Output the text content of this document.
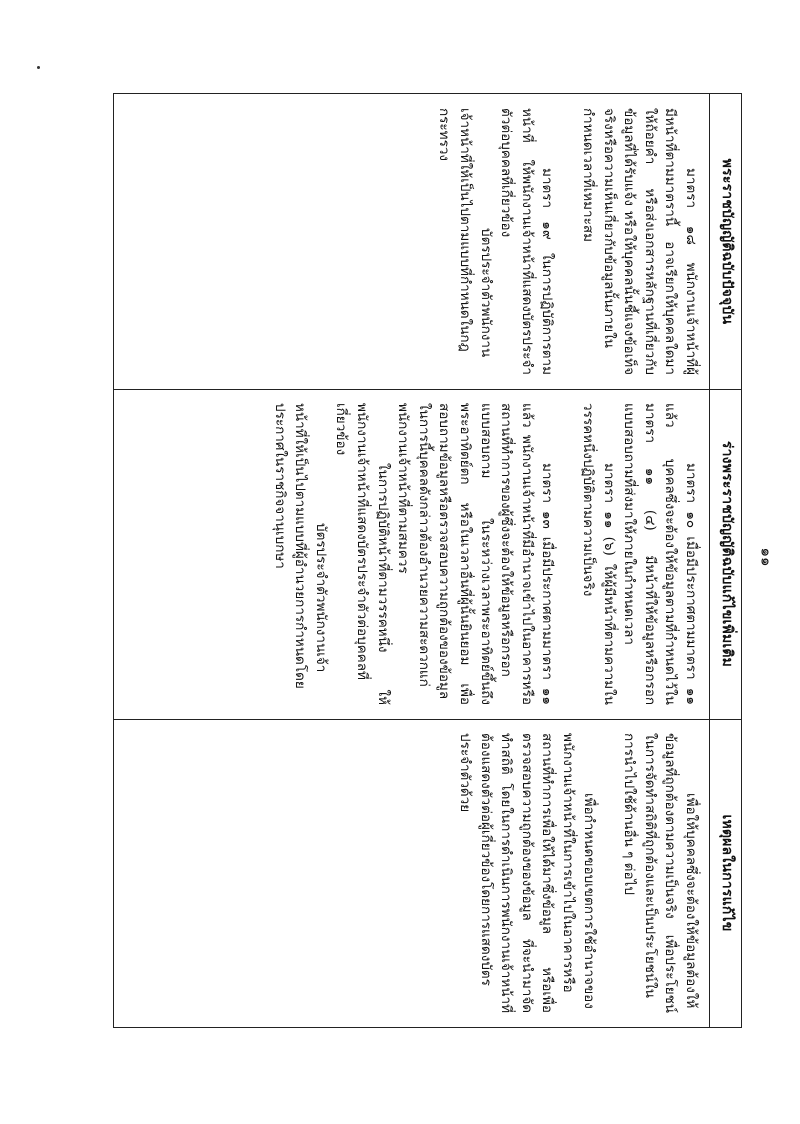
๑๑
พระราชบัญญัติฉบับปัจจุบัน

มาตรา ๑๘ พนักงานเจ้าหน้าที่ผู้มีหน้าที่ตามมาตรานี้ อาจเรียกให้บุคคลใดมาให้ถ้อยคำ หรือส่งเอกสารหลักฐานที่เกี่ยวกับข้อมูลที่ได้รับแจ้ง หรือให้บุคคลนั้นชี้แจงข้อเท็จจริงหรือความเห็นเกี่ยวกับข้อมูลนั้นภายในกำหนดเวลาที่เหมาะสม

มาตรา ๑๙ ในการปฏิบัติการตามหน้าที่ ให้พนักงานเจ้าหน้าที่แสดงบัตรประจำตัวต่อบุคคลที่เกี่ยวข้อง

บัตรประจำตัวพนักงานเจ้าหน้าที่ให้เป็นไปตามแบบที่กำหนดในกฎกระทรวง

ร่างพระราชบัญญัติฉบับแก้ไขเพิ่มเติม

มาตรา ๑๐ เมื่อมีประกาศตามมาตรา ๑๑ แล้ว บุคคลซึ่งจะต้องให้ข้อมูลตามที่กำหนดไว้ในมาตรา ๑๑ (๔) มีหน้าที่ให้ข้อมูลหรือกรอกแบบสอบถามที่ส่งมาให้ภายในกำหนดเวลา

มาตรา ๑๑ (๖) ให้ผู้มีหน้าที่ตามความในวรรคหนึ่งปฏิบัติตามความเป็นจริง

มาตรา ๑๓ เมื่อมีประกาศตามมาตรา ๑๑ แล้ว พนักงานเจ้าหน้าที่มีอำนาจเข้าไปในอาคารหรือสถานที่ทำการของผู้ซึ่งจะต้องให้ข้อมูลหรือกรอกแบบสอบถาม ในระหว่างเวลาพระอาทิตย์ขึ้นถึงพระอาทิตย์ตก หรือในเวลาอื่นที่ผู้นั้นยินยอม เพื่อสอบถามข้อมูลหรือตรวจสอบความถูกต้องของข้อมูล ในการนี้บุคคลดังกล่าวต้องอำนวยความสะดวกแก่พนักงานเจ้าหน้าที่ตามสมควร

ในการปฏิบัติหน้าที่ตามวรรคหนึ่ง ให้พนักงานเจ้าหน้าที่แสดงบัตรประจำตัวต่อบุคคลที่เกี่ยวข้อง

บัตรประจำตัวพนักงานเจ้าหน้าที่ให้เป็นไปตามแบบที่ผู้อำนวยการกำหนดโดยประกาศในราชกิจจานุเบกษา

เหตุผลในการแก้ไข

เพื่อให้บุคคลซึ่งจะต้องให้ข้อมูลต้องให้ข้อมูลที่ถูกต้องตามความเป็นจริง เพื่อประโยชน์ในการจัดทำสถิติที่ถูกต้องและเป็นประโยชน์ในการนำไปใช้ด้านอื่น ๆ ต่อไป

เพื่อกำหนดขอบเขตการใช้อำนาจของพนักงานเจ้าหน้าที่ในการเข้าไปในอาคารหรือสถานที่ทำการเพื่อให้ได้มาซึ่งข้อมูล หรือเพื่อตรวจสอบความถูกต้องของข้อมูล ที่จะนำมาจัดทำสถิติ โดยในการดำเนินการพนักงานเจ้าหน้าที่ต้องแสดงตัวต่อผู้เกี่ยวข้องโดยการแสดงบัตรประจำตัวด้วย
